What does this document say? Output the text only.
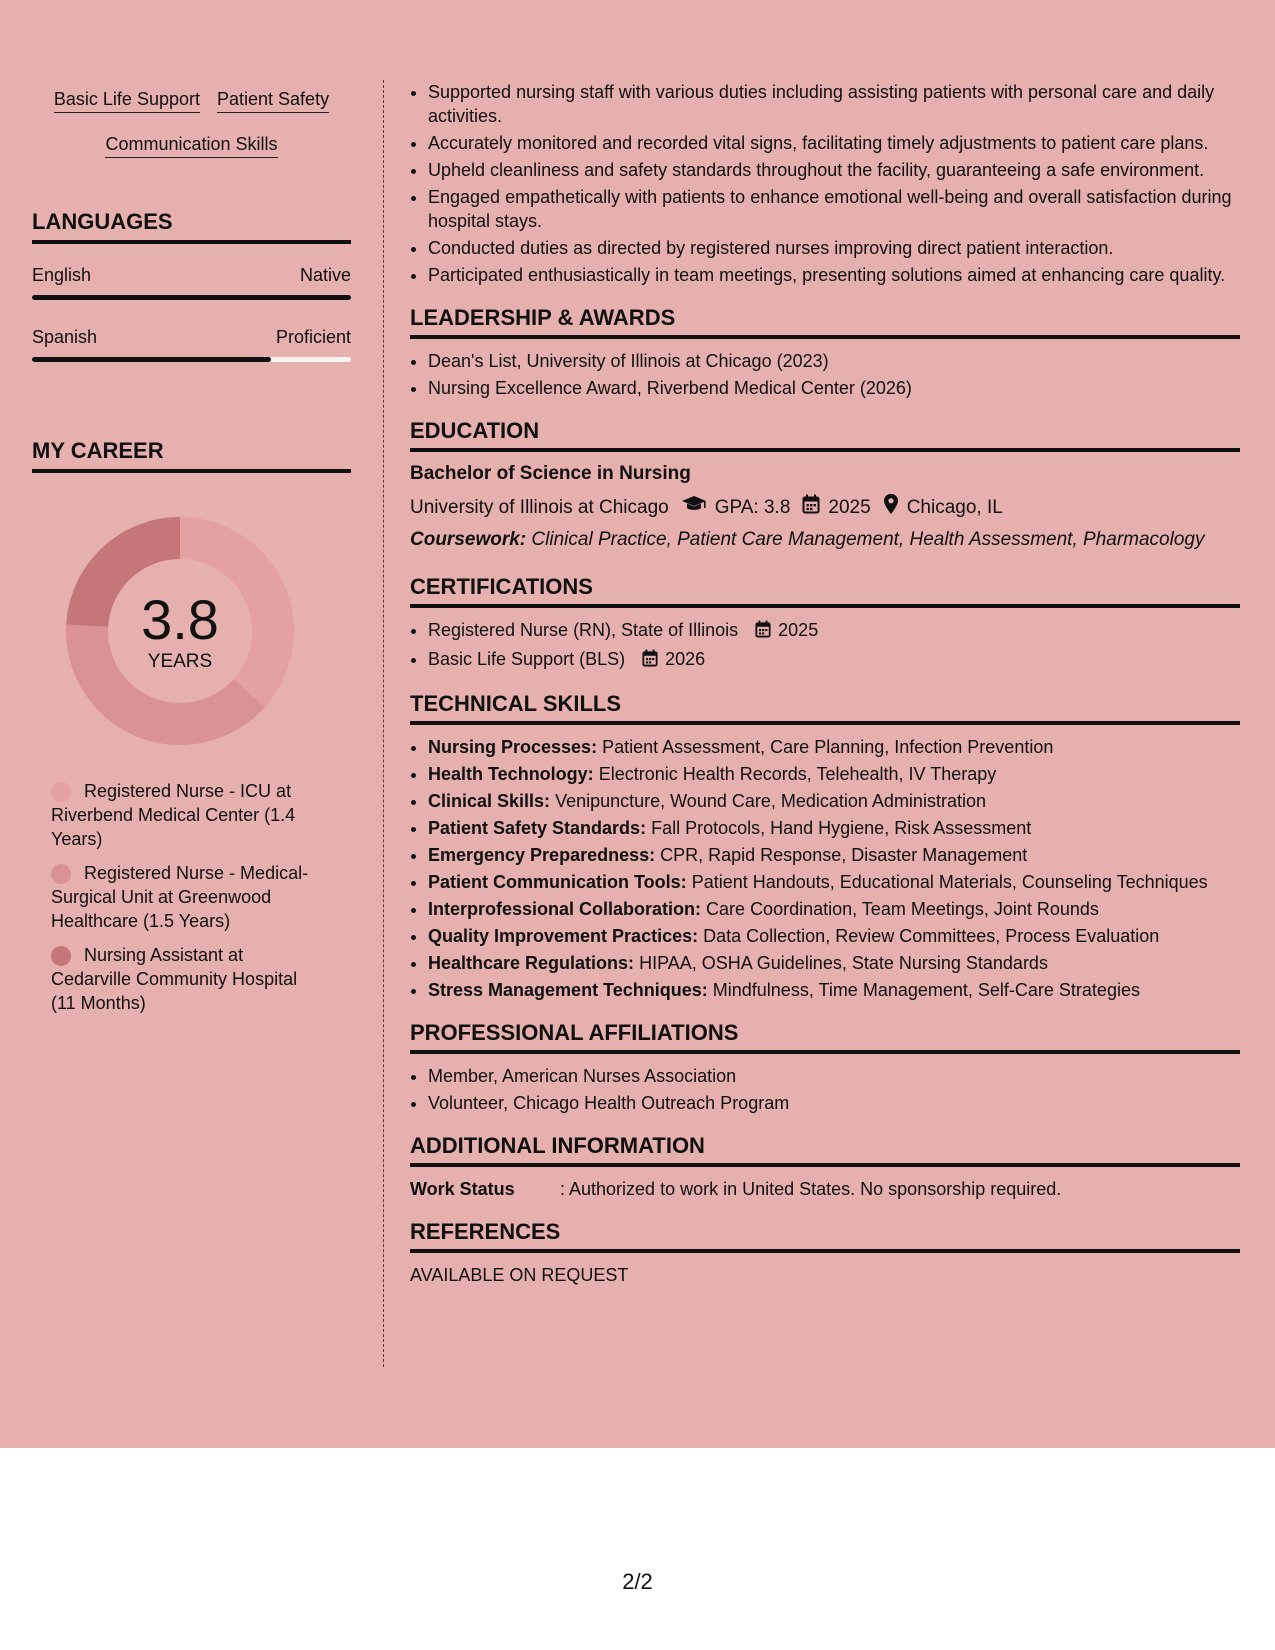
Basic Life Support Patient Safety
Communication Skills
LANGUAGES
English	Native
Spanish	Proficient
MY CAREER
3.8
YEARS
Registered Nurse - ICU at Riverbend Medical Center (1.4 Years)
Registered Nurse - Medical-Surgical Unit at Greenwood Healthcare (1.5 Years)
Nursing Assistant at Cedarville Community Hospital (11 Months)
• Supported nursing staff with various duties including assisting patients with personal care and daily activities.
• Accurately monitored and recorded vital signs, facilitating timely adjustments to patient care plans.
• Upheld cleanliness and safety standards throughout the facility, guaranteeing a safe environment.
• Engaged empathetically with patients to enhance emotional well-being and overall satisfaction during hospital stays.
• Conducted duties as directed by registered nurses improving direct patient interaction.
• Participated enthusiastically in team meetings, presenting solutions aimed at enhancing care quality.
LEADERSHIP & AWARDS
• Dean's List, University of Illinois at Chicago (2023)
• Nursing Excellence Award, Riverbend Medical Center (2026)
EDUCATION
Bachelor of Science in Nursing
University of Illinois at Chicago GPA: 3.8 2025 Chicago, IL
Coursework: Clinical Practice, Patient Care Management, Health Assessment, Pharmacology
CERTIFICATIONS
• Registered Nurse (RN), State of Illinois 2025
• Basic Life Support (BLS) 2026
TECHNICAL SKILLS
• Nursing Processes: Patient Assessment, Care Planning, Infection Prevention
• Health Technology: Electronic Health Records, Telehealth, IV Therapy
• Clinical Skills: Venipuncture, Wound Care, Medication Administration
• Patient Safety Standards: Fall Protocols, Hand Hygiene, Risk Assessment
• Emergency Preparedness: CPR, Rapid Response, Disaster Management
• Patient Communication Tools: Patient Handouts, Educational Materials, Counseling Techniques
• Interprofessional Collaboration: Care Coordination, Team Meetings, Joint Rounds
• Quality Improvement Practices: Data Collection, Review Committees, Process Evaluation
• Healthcare Regulations: HIPAA, OSHA Guidelines, State Nursing Standards
• Stress Management Techniques: Mindfulness, Time Management, Self-Care Strategies
PROFESSIONAL AFFILIATIONS
• Member, American Nurses Association
• Volunteer, Chicago Health Outreach Program
ADDITIONAL INFORMATION
Work Status	: Authorized to work in United States. No sponsorship required.
REFERENCES
AVAILABLE ON REQUEST
2/2
